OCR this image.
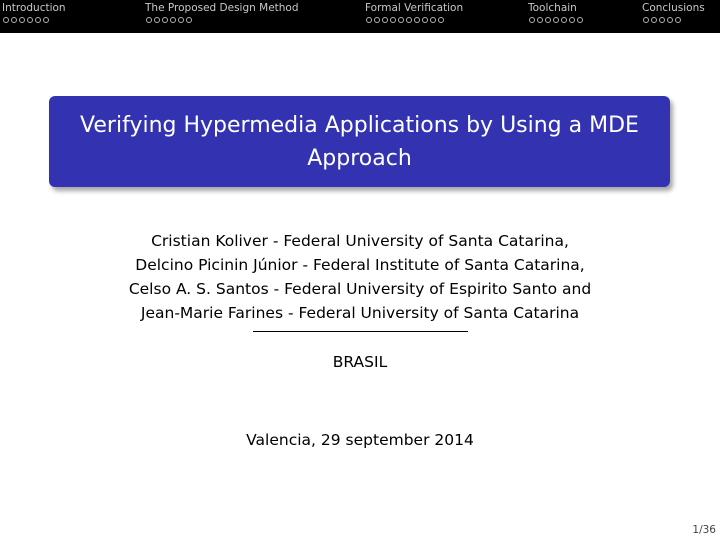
Introduction	The Proposed Design Method	Formal Verification	Toolchain	Conclusions
Verifying Hypermedia Applications by Using a MDE Approach
Cristian Koliver - Federal University of Santa Catarina,
Delcino Picinin Júnior - Federal Institute of Santa Catarina,
Celso A. S. Santos - Federal University of Espirito Santo and
Jean-Marie Farines - Federal University of Santa Catarina
BRASIL
Valencia, 29 september 2014
1/36
